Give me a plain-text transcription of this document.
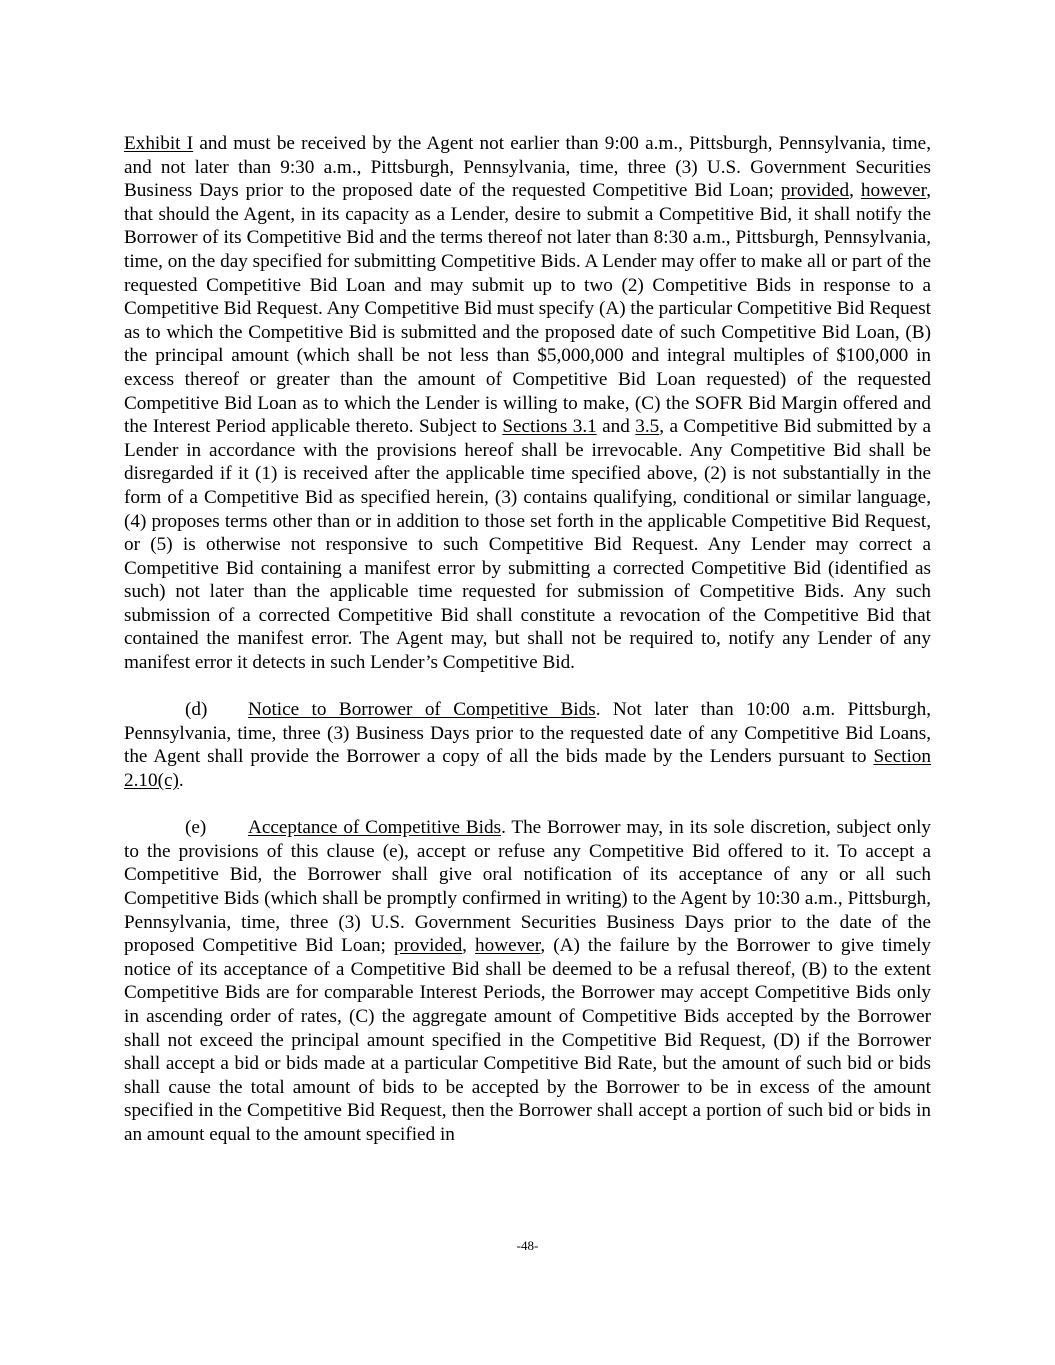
Exhibit I and must be received by the Agent not earlier than 9:00 a.m., Pittsburgh, Pennsylvania, time, and not later than 9:30 a.m., Pittsburgh, Pennsylvania, time, three (3) U.S. Government Securities Business Days prior to the proposed date of the requested Competitive Bid Loan; provided, however, that should the Agent, in its capacity as a Lender, desire to submit a Competitive Bid, it shall notify the Borrower of its Competitive Bid and the terms thereof not later than 8:30 a.m., Pittsburgh, Pennsylvania, time, on the day specified for submitting Competitive Bids. A Lender may offer to make all or part of the requested Competitive Bid Loan and may submit up to two (2) Competitive Bids in response to a Competitive Bid Request. Any Competitive Bid must specify (A) the particular Competitive Bid Request as to which the Competitive Bid is submitted and the proposed date of such Competitive Bid Loan, (B) the principal amount (which shall be not less than $5,000,000 and integral multiples of $100,000 in excess thereof or greater than the amount of Competitive Bid Loan requested) of the requested Competitive Bid Loan as to which the Lender is willing to make, (C) the SOFR Bid Margin offered and the Interest Period applicable thereto. Subject to Sections 3.1 and 3.5, a Competitive Bid submitted by a Lender in accordance with the provisions hereof shall be irrevocable. Any Competitive Bid shall be disregarded if it (1) is received after the applicable time specified above, (2) is not substantially in the form of a Competitive Bid as specified herein, (3) contains qualifying, conditional or similar language, (4) proposes terms other than or in addition to those set forth in the applicable Competitive Bid Request, or (5) is otherwise not responsive to such Competitive Bid Request. Any Lender may correct a Competitive Bid containing a manifest error by submitting a corrected Competitive Bid (identified as such) not later than the applicable time requested for submission of Competitive Bids. Any such submission of a corrected Competitive Bid shall constitute a revocation of the Competitive Bid that contained the manifest error. The Agent may, but shall not be required to, notify any Lender of any manifest error it detects in such Lender’s Competitive Bid.

(d) Notice to Borrower of Competitive Bids. Not later than 10:00 a.m. Pittsburgh, Pennsylvania, time, three (3) Business Days prior to the requested date of any Competitive Bid Loans, the Agent shall provide the Borrower a copy of all the bids made by the Lenders pursuant to Section 2.10(c).

(e) Acceptance of Competitive Bids. The Borrower may, in its sole discretion, subject only to the provisions of this clause (e), accept or refuse any Competitive Bid offered to it. To accept a Competitive Bid, the Borrower shall give oral notification of its acceptance of any or all such Competitive Bids (which shall be promptly confirmed in writing) to the Agent by 10:30 a.m., Pittsburgh, Pennsylvania, time, three (3) U.S. Government Securities Business Days prior to the date of the proposed Competitive Bid Loan; provided, however, (A) the failure by the Borrower to give timely notice of its acceptance of a Competitive Bid shall be deemed to be a refusal thereof, (B) to the extent Competitive Bids are for comparable Interest Periods, the Borrower may accept Competitive Bids only in ascending order of rates, (C) the aggregate amount of Competitive Bids accepted by the Borrower shall not exceed the principal amount specified in the Competitive Bid Request, (D) if the Borrower shall accept a bid or bids made at a particular Competitive Bid Rate, but the amount of such bid or bids shall cause the total amount of bids to be accepted by the Borrower to be in excess of the amount specified in the Competitive Bid Request, then the Borrower shall accept a portion of such bid or bids in an amount equal to the amount specified in

-48-
